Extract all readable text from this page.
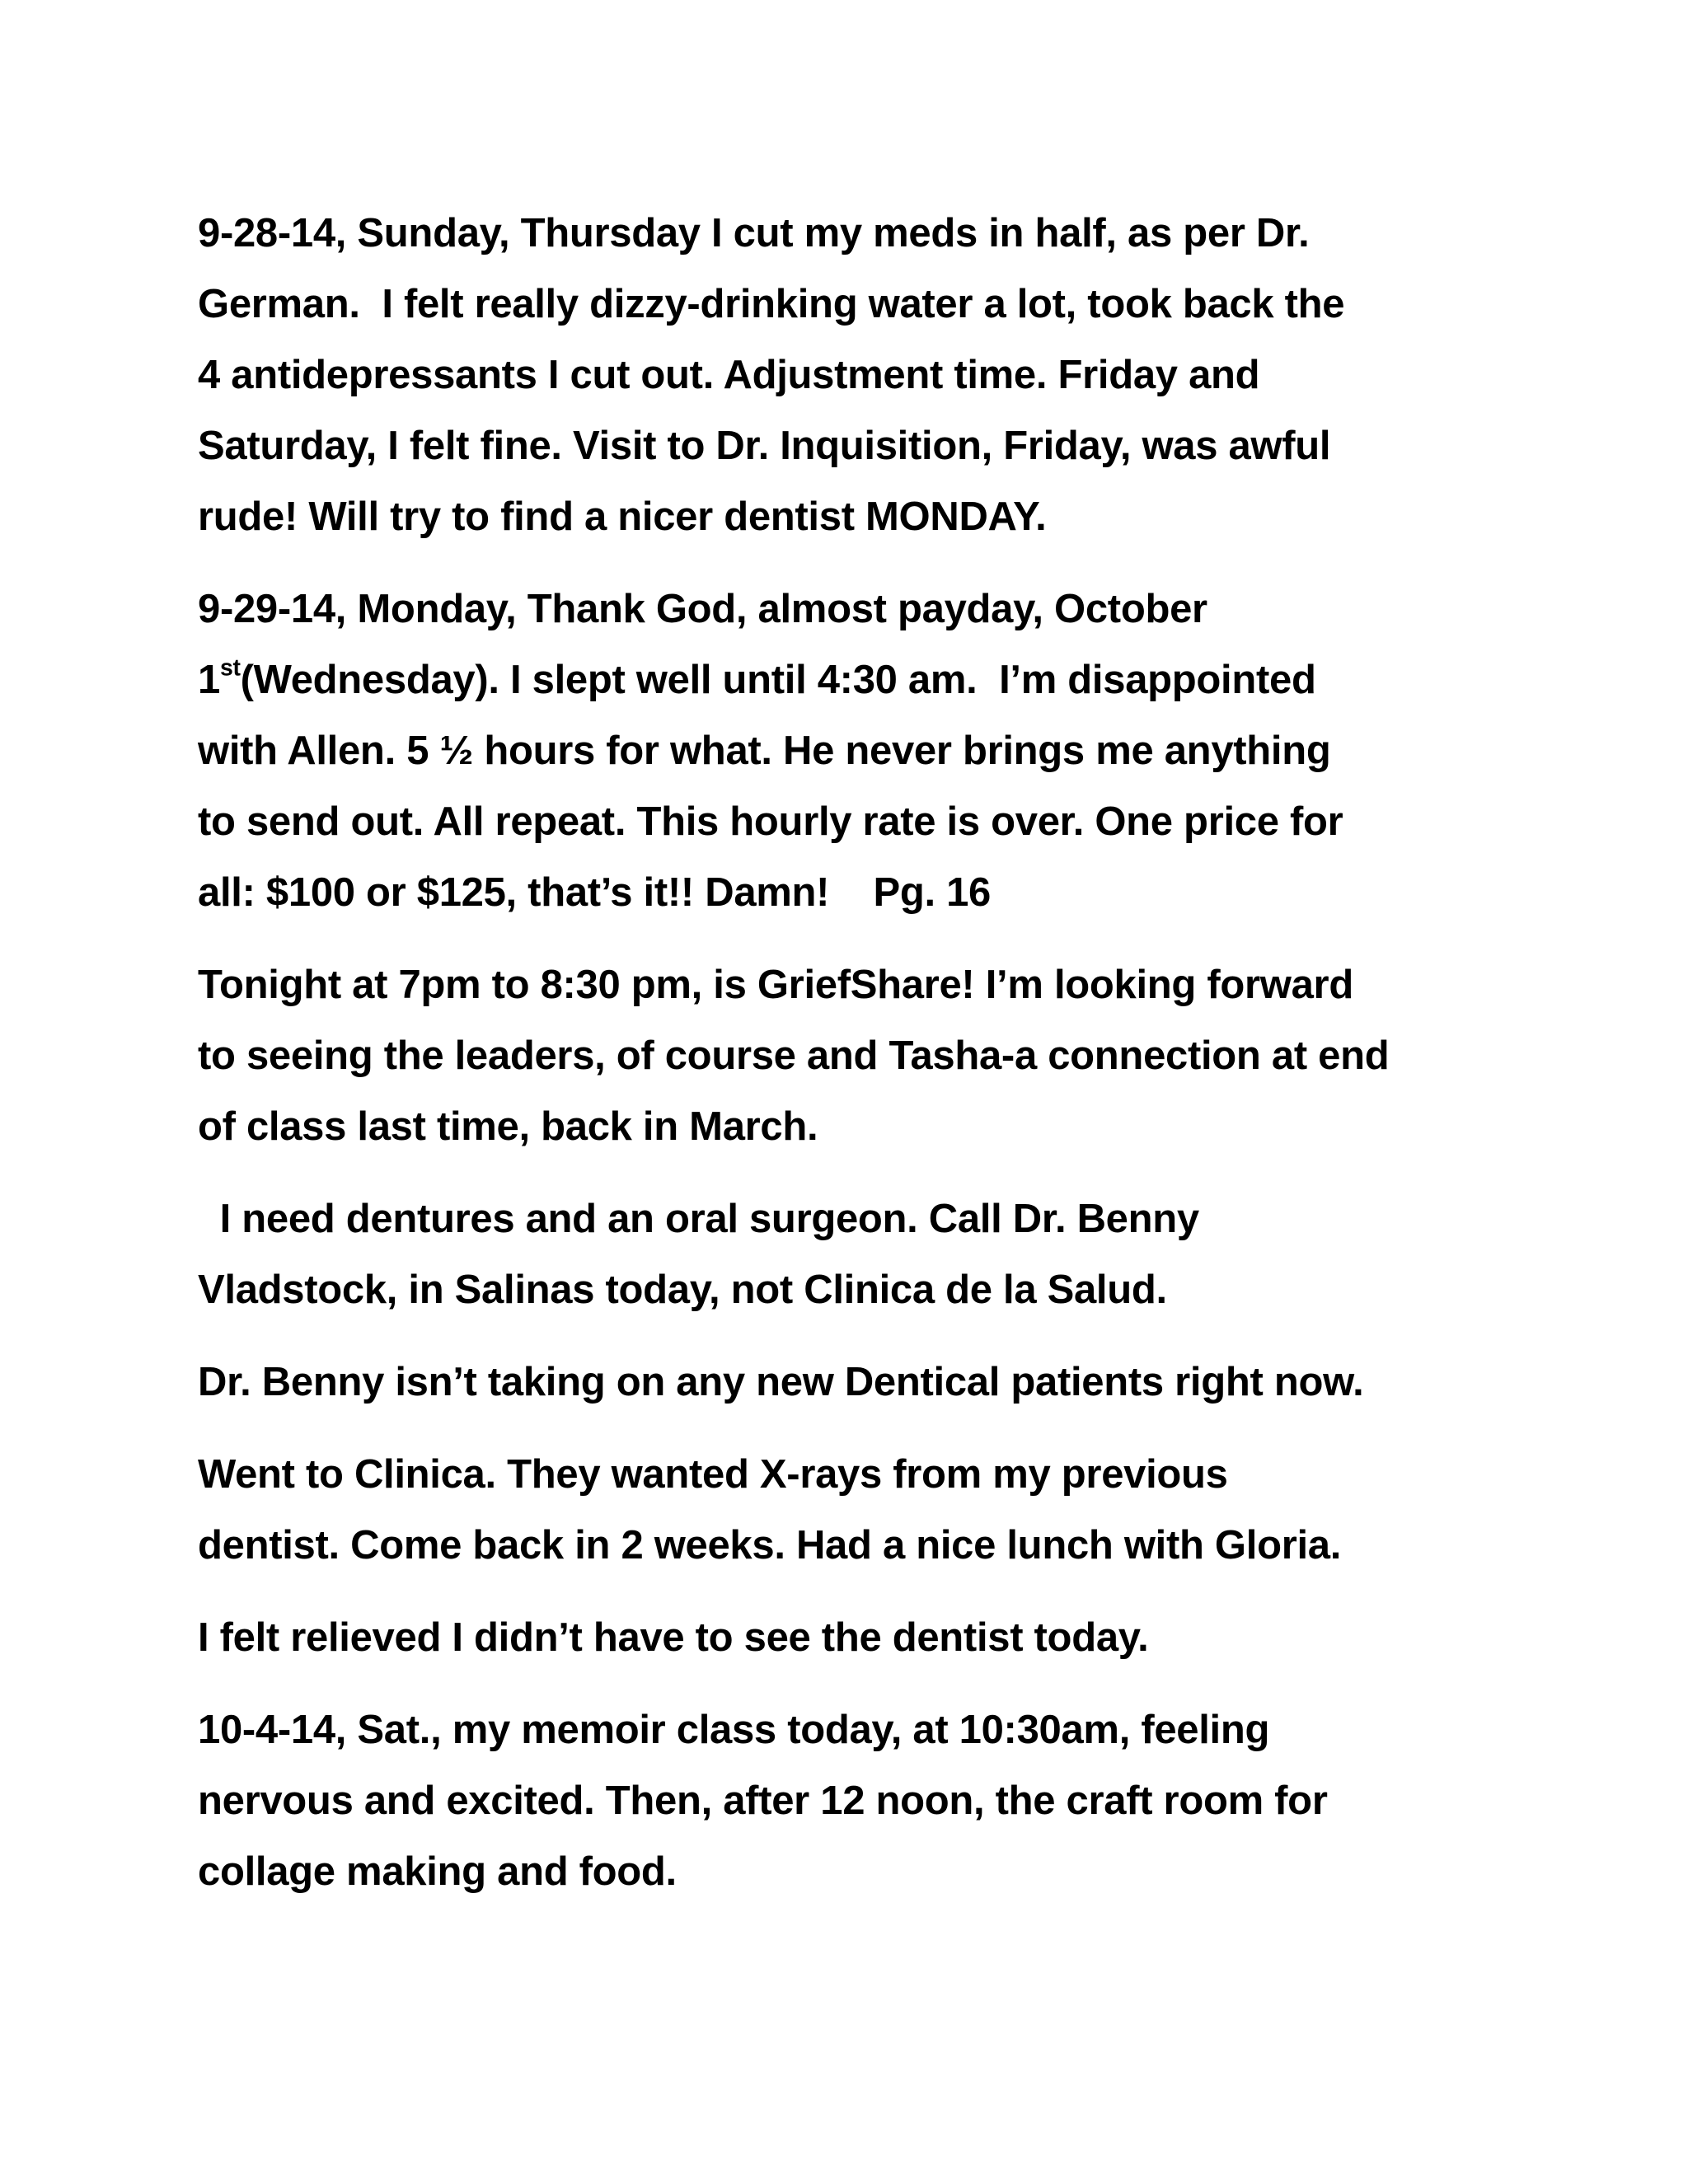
9-28-14, Sunday, Thursday I cut my meds in half, as per Dr.
German.  I felt really dizzy-drinking water a lot, took back the
4 antidepressants I cut out. Adjustment time. Friday and
Saturday, I felt fine. Visit to Dr. Inquisition, Friday, was awful
rude! Will try to find a nicer dentist MONDAY.

9-29-14, Monday, Thank God, almost payday, October
1st(Wednesday). I slept well until 4:30 am.  I’m disappointed
with Allen. 5 ½ hours for what. He never brings me anything
to send out. All repeat. This hourly rate is over. One price for
all: $100 or $125, that’s it!! Damn!    Pg. 16

Tonight at 7pm to 8:30 pm, is GriefShare! I’m looking forward
to seeing the leaders, of course and Tasha-a connection at end
of class last time, back in March.

I need dentures and an oral surgeon. Call Dr. Benny
Vladstock, in Salinas today, not Clinica de la Salud.

Dr. Benny isn’t taking on any new Dentical patients right now.

Went to Clinica. They wanted X-rays from my previous
dentist. Come back in 2 weeks. Had a nice lunch with Gloria.

I felt relieved I didn’t have to see the dentist today.

10-4-14, Sat., my memoir class today, at 10:30am, feeling
nervous and excited. Then, after 12 noon, the craft room for
collage making and food.
